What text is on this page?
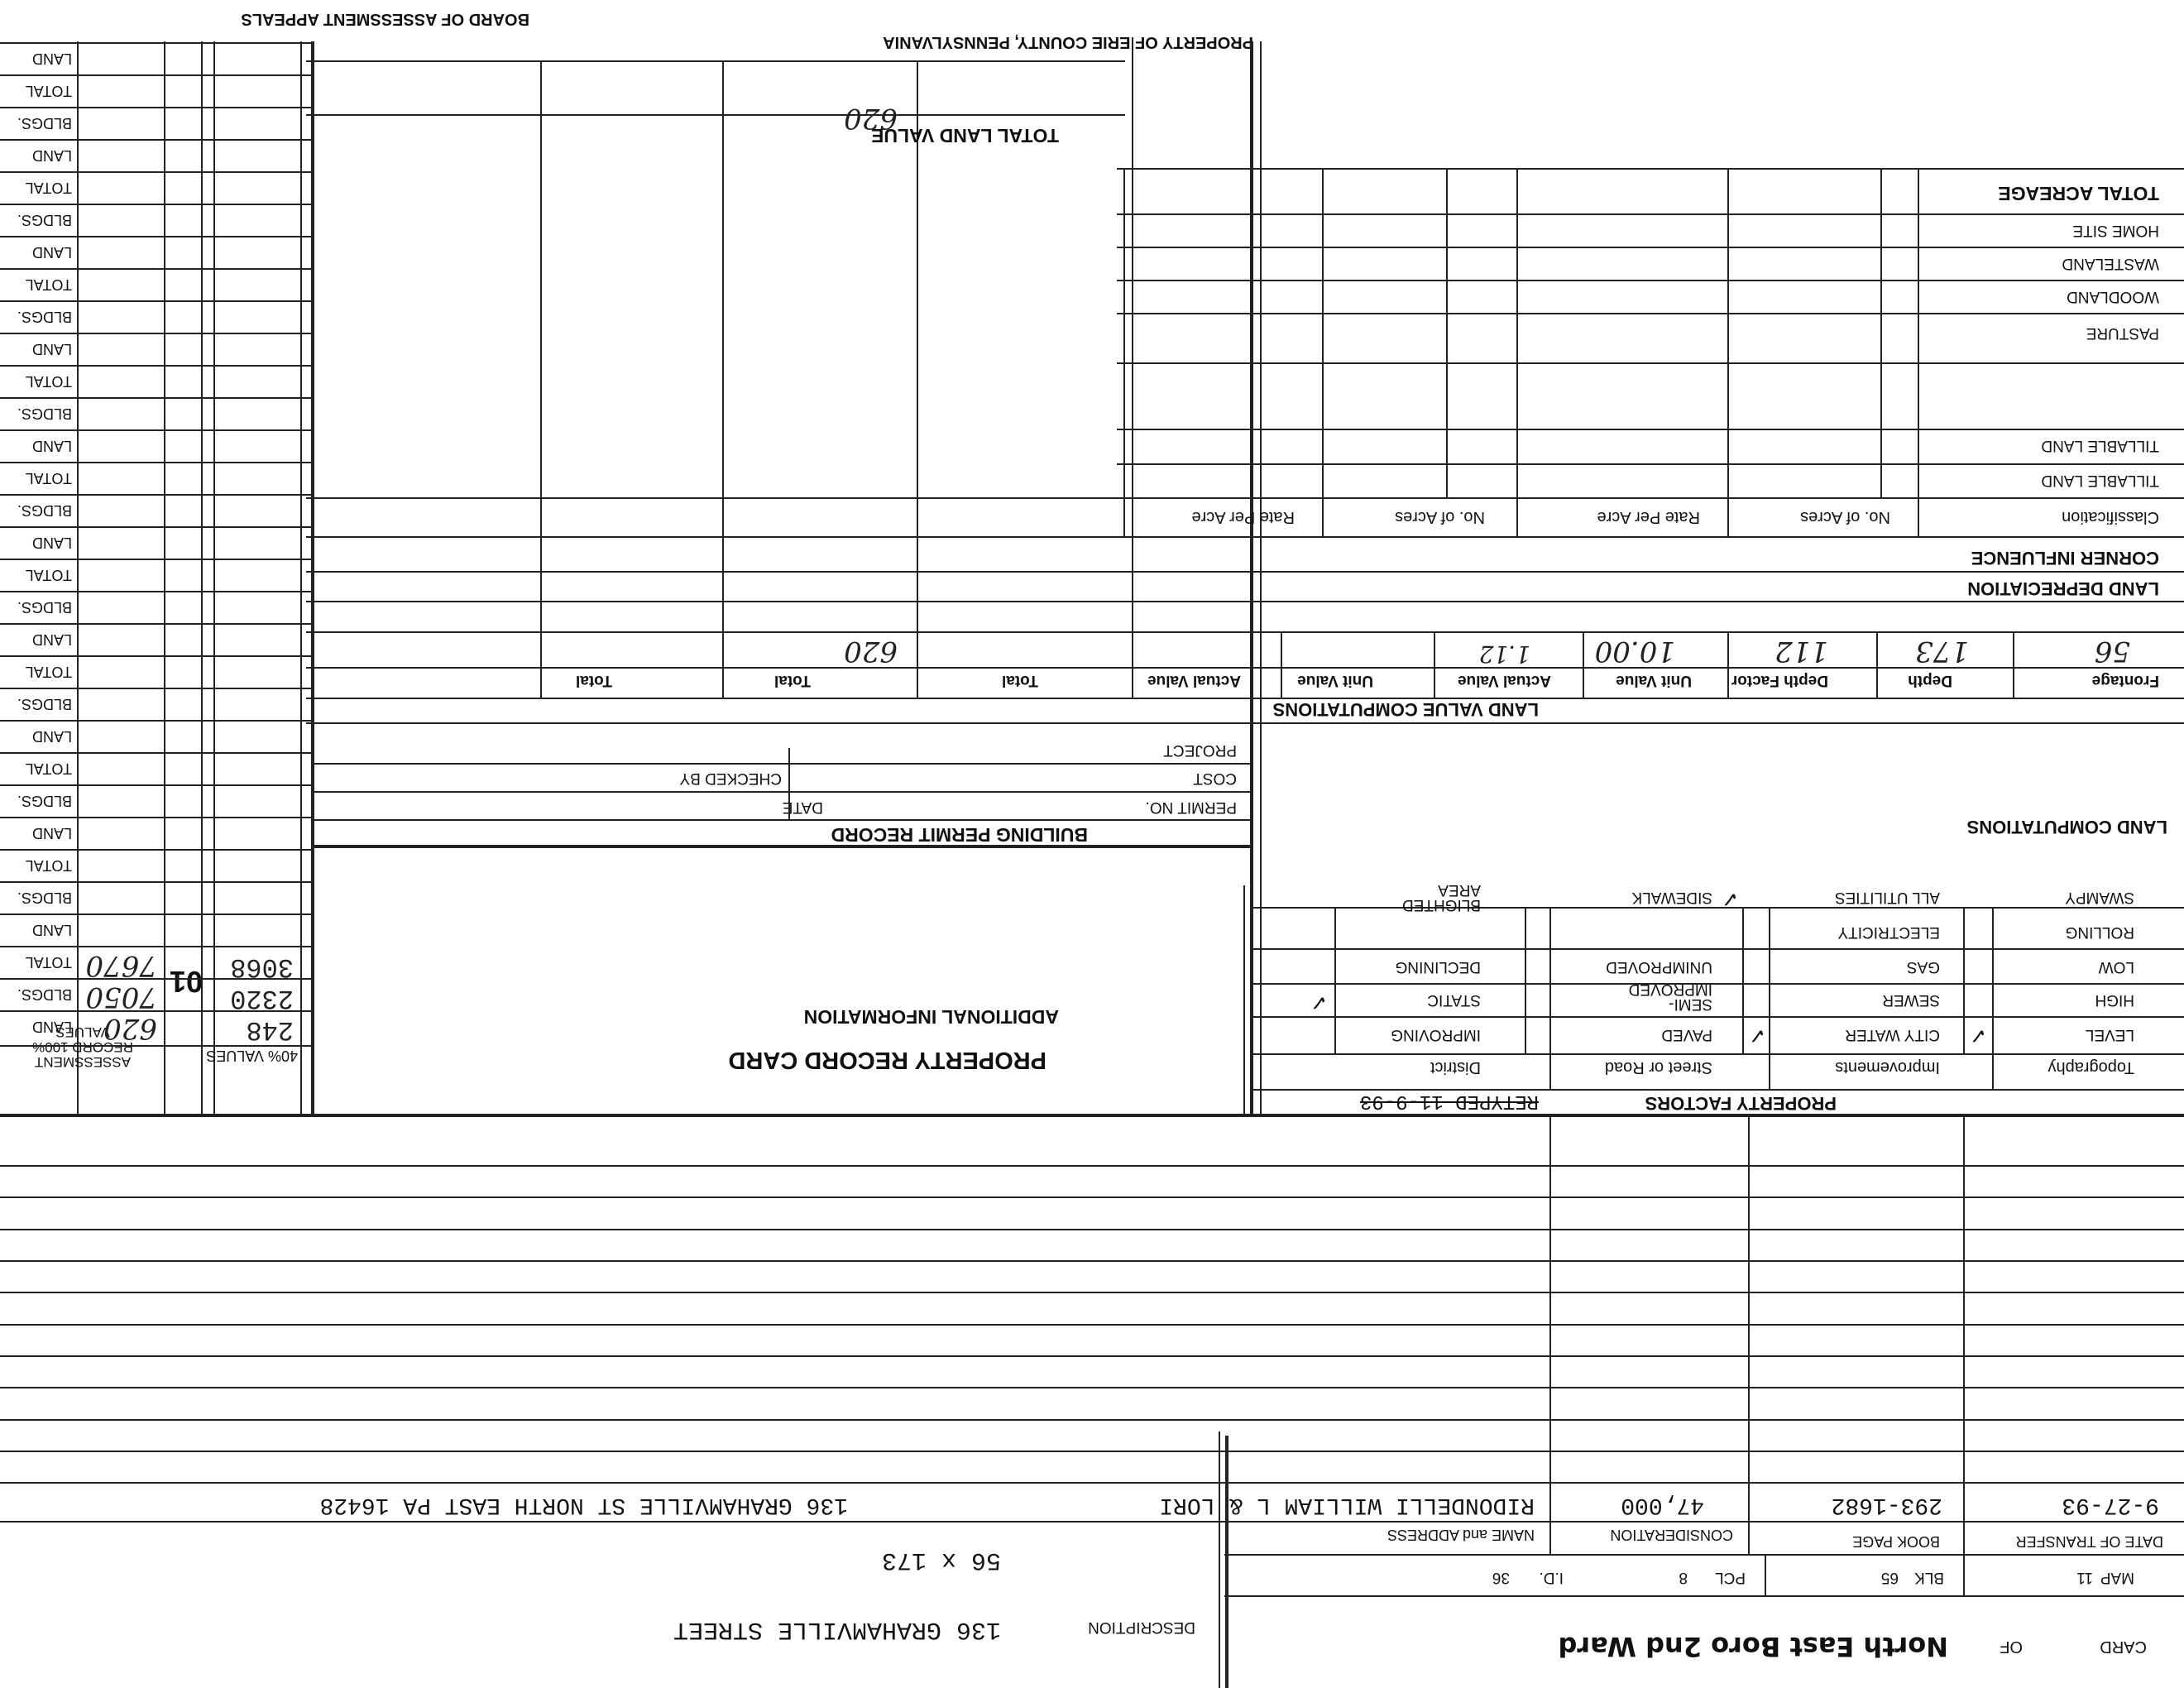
PROPERTY OF ERIE COUNTY, PENNSYLVANIA
BOARD OF ASSESSMENT APPEALS
CARD
OF
North East Boro 2nd Ward
DESCRIPTION
136 GRAHAMVILLE STREET
56 x 173
MAP
11
BLK
65
PCL
8
I.D.
36
DATE OF TRANSFER
BOOK PAGE
CONSIDERATION
NAME and ADDRESS
9-27-93
293-1682
47,000
RIDONDELLI WILLIAM L & LORI
136 GRAHAMVILLE ST NORTH EAST PA 16428
PROPERTY FACTORS
RETYPED 11-9-93
Topography
Improvements
Street or Road
District
LEVEL
HIGH
LOW
ROLLING
SWAMPY
CITY WATER
SEWER
GAS
ELECTRICITY
ALL UTILITIES
PAVED
SEMI-IMPROVED
UNIMPROVED
SIDEWALK
IMPROVING
STATIC
DECLINING
BLIGHTED AREA
✓
✓
✓
✓
LAND COMPUTATIONS
LAND VALUE COMPUTATIONS
PROPERTY RECORD CARD
ADDITIONAL INFORMATION
BUILDING PERMIT RECORD
PERMIT NO.
DATE
COST
CHECKED BY
PROJECT
Frontage
Depth
Depth Factor
Unit Value
Actual Value
Unit Value
Actual Value
Total
Total
Total
56
173
112
10.00
1.12
620
LAND DEPRECIATION
CORNER INFLUENCE
Classification
No. of Acres
Rate Per Acre
No. of Acres
Rate Per Acre
TILLABLE LAND
TILLABLE LAND
PASTURE
WOODLAND
WASTELAND
HOME SITE
TOTAL ACREAGE
TOTAL LAND VALUE
620
40% VALUES
ASSESSMENT RECORD 100% VALUES	248
2320
3068
01
620
7050
7670
LAND
BLDGS.
TOTAL
LAND
BLDGS.
TOTAL
LAND
BLDGS.
TOTAL
LAND
BLDGS.
TOTAL
LAND
BLDGS.
TOTAL
LAND
BLDGS.
TOTAL
LAND
BLDGS.
TOTAL
LAND
BLDGS.
TOTAL
LAND
BLDGS.
TOTAL
LAND
BLDGS.
TOTAL
LAND
